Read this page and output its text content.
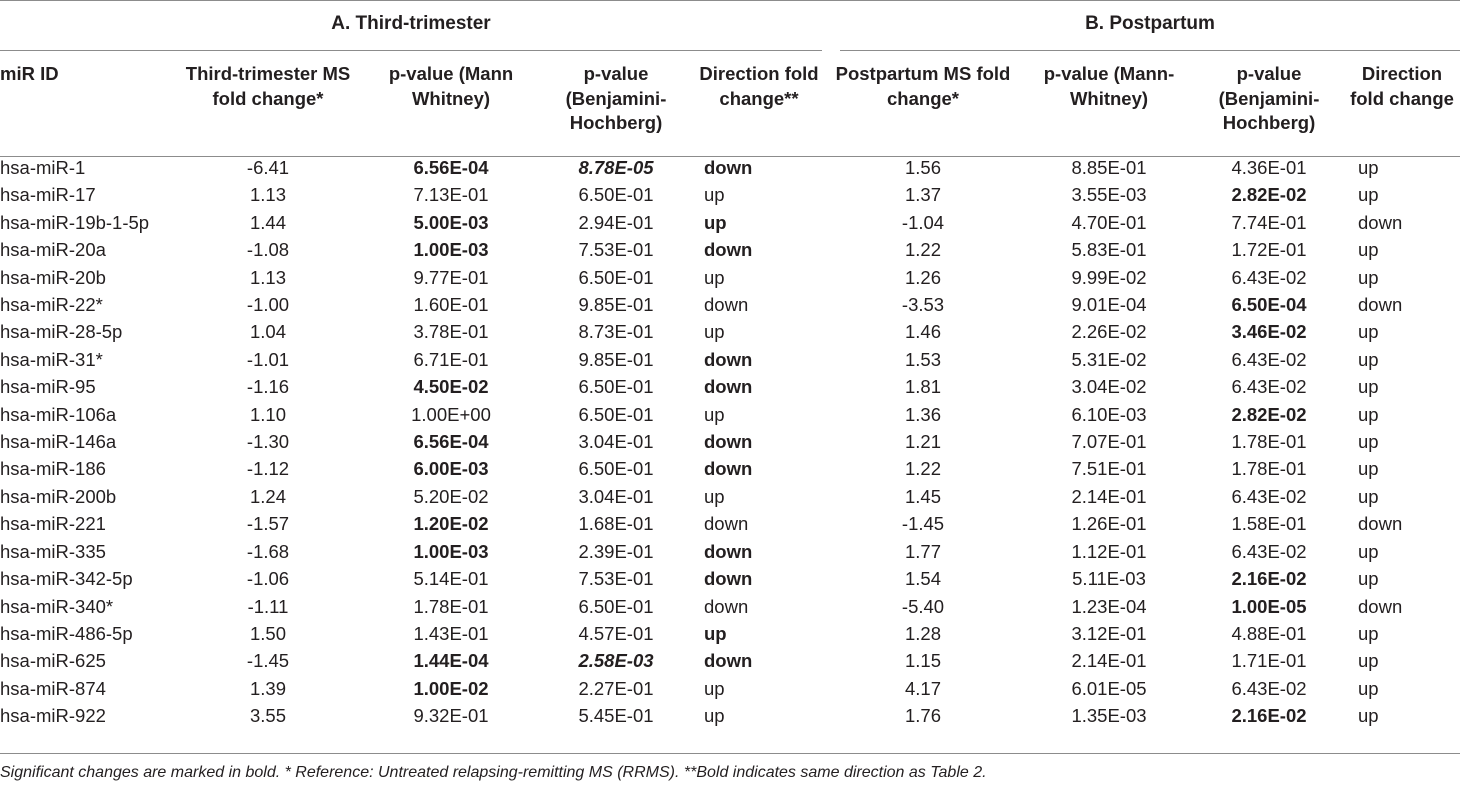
A. Third-trimester	B. Postpartum
miR ID	Third-trimester MS fold change*	p-value (Mann Whitney)	p-value (Benjamini-Hochberg)	Direction fold change**	Postpartum MS fold change*	p-value (Mann-Whitney)	p-value (Benjamini-Hochberg)	Direction fold change
hsa-miR-1	-6.41	6.56E-04	8.78E-05	down	1.56	8.85E-01	4.36E-01	up
hsa-miR-17	1.13	7.13E-01	6.50E-01	up	1.37	3.55E-03	2.82E-02	up
hsa-miR-19b-1-5p	1.44	5.00E-03	2.94E-01	up	-1.04	4.70E-01	7.74E-01	down
hsa-miR-20a	-1.08	1.00E-03	7.53E-01	down	1.22	5.83E-01	1.72E-01	up
hsa-miR-20b	1.13	9.77E-01	6.50E-01	up	1.26	9.99E-02	6.43E-02	up
hsa-miR-22*	-1.00	1.60E-01	9.85E-01	down	-3.53	9.01E-04	6.50E-04	down
hsa-miR-28-5p	1.04	3.78E-01	8.73E-01	up	1.46	2.26E-02	3.46E-02	up
hsa-miR-31*	-1.01	6.71E-01	9.85E-01	down	1.53	5.31E-02	6.43E-02	up
hsa-miR-95	-1.16	4.50E-02	6.50E-01	down	1.81	3.04E-02	6.43E-02	up
hsa-miR-106a	1.10	1.00E+00	6.50E-01	up	1.36	6.10E-03	2.82E-02	up
hsa-miR-146a	-1.30	6.56E-04	3.04E-01	down	1.21	7.07E-01	1.78E-01	up
hsa-miR-186	-1.12	6.00E-03	6.50E-01	down	1.22	7.51E-01	1.78E-01	up
hsa-miR-200b	1.24	5.20E-02	3.04E-01	up	1.45	2.14E-01	6.43E-02	up
hsa-miR-221	-1.57	1.20E-02	1.68E-01	down	-1.45	1.26E-01	1.58E-01	down
hsa-miR-335	-1.68	1.00E-03	2.39E-01	down	1.77	1.12E-01	6.43E-02	up
hsa-miR-342-5p	-1.06	5.14E-01	7.53E-01	down	1.54	5.11E-03	2.16E-02	up
hsa-miR-340*	-1.11	1.78E-01	6.50E-01	down	-5.40	1.23E-04	1.00E-05	down
hsa-miR-486-5p	1.50	1.43E-01	4.57E-01	up	1.28	3.12E-01	4.88E-01	up
hsa-miR-625	-1.45	1.44E-04	2.58E-03	down	1.15	2.14E-01	1.71E-01	up
hsa-miR-874	1.39	1.00E-02	2.27E-01	up	4.17	6.01E-05	6.43E-02	up
hsa-miR-922	3.55	9.32E-01	5.45E-01	up	1.76	1.35E-03	2.16E-02	up
Significant changes are marked in bold. * Reference: Untreated relapsing-remitting MS (RRMS). **Bold indicates same direction as Table 2.
